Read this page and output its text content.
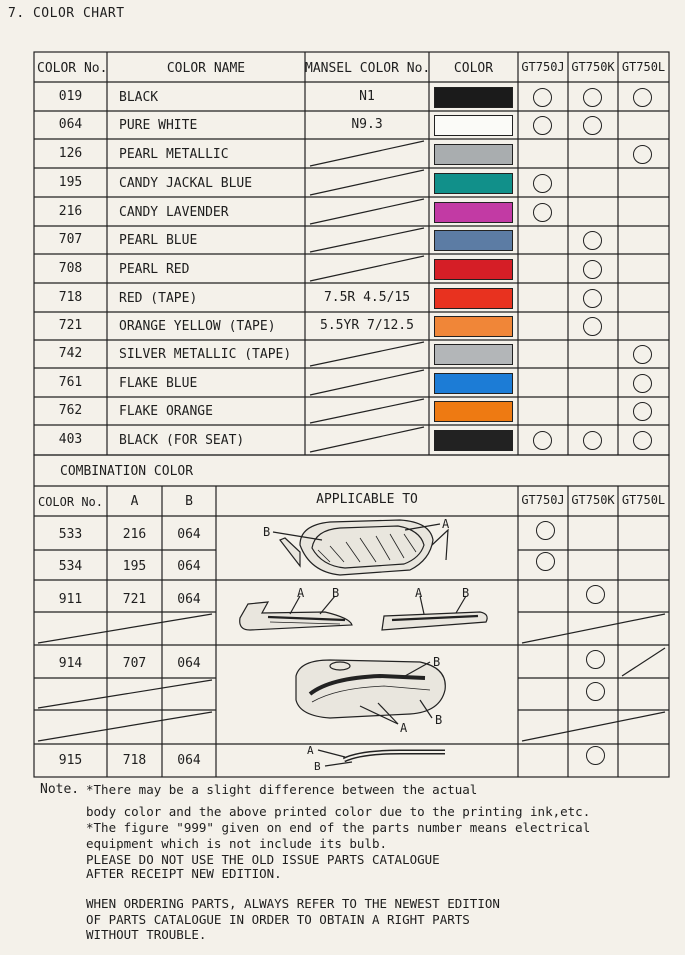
7. COLOR CHART
COLOR No.	COLOR NAME	MANSEL COLOR No.	COLOR	GT750J GT750K GT750L
019	BLACK	N1
064	PURE WHITE	N9.3
126	PEARL METALLIC
195	CANDY JACKAL BLUE
216	CANDY LAVENDER
707	PEARL BLUE
708	PEARL RED
718	RED (TAPE)	7.5R 4.5/15
721	ORANGE YELLOW (TAPE)	5.5YR 7/12.5
742	SILVER METALLIC (TAPE)
761	FLAKE BLUE
762	FLAKE ORANGE
403	BLACK (FOR SEAT)
COMBINATION COLOR
COLOR No.	A	B	APPLICABLE TO	GT750J GT750K GT750L
533	216	064
534	195	064
911	721	064
914	707	064
915	718	064
B
A
A B	A	B
B
B
A
A
B
Note. *There may be a slight difference between the actual
body color and the above printed color due to the printing ink,etc.
*The figure "999" given on end of the parts number means electrical
equipment which is not include its bulb.
PLEASE DO NOT USE THE OLD ISSUE PARTS CATALOGUE
AFTER RECEIPT NEW EDITION.
WHEN ORDERING PARTS, ALWAYS REFER TO THE NEWEST EDITION
OF PARTS CATALOGUE IN ORDER TO OBTAIN A RIGHT PARTS
WITHOUT TROUBLE.
